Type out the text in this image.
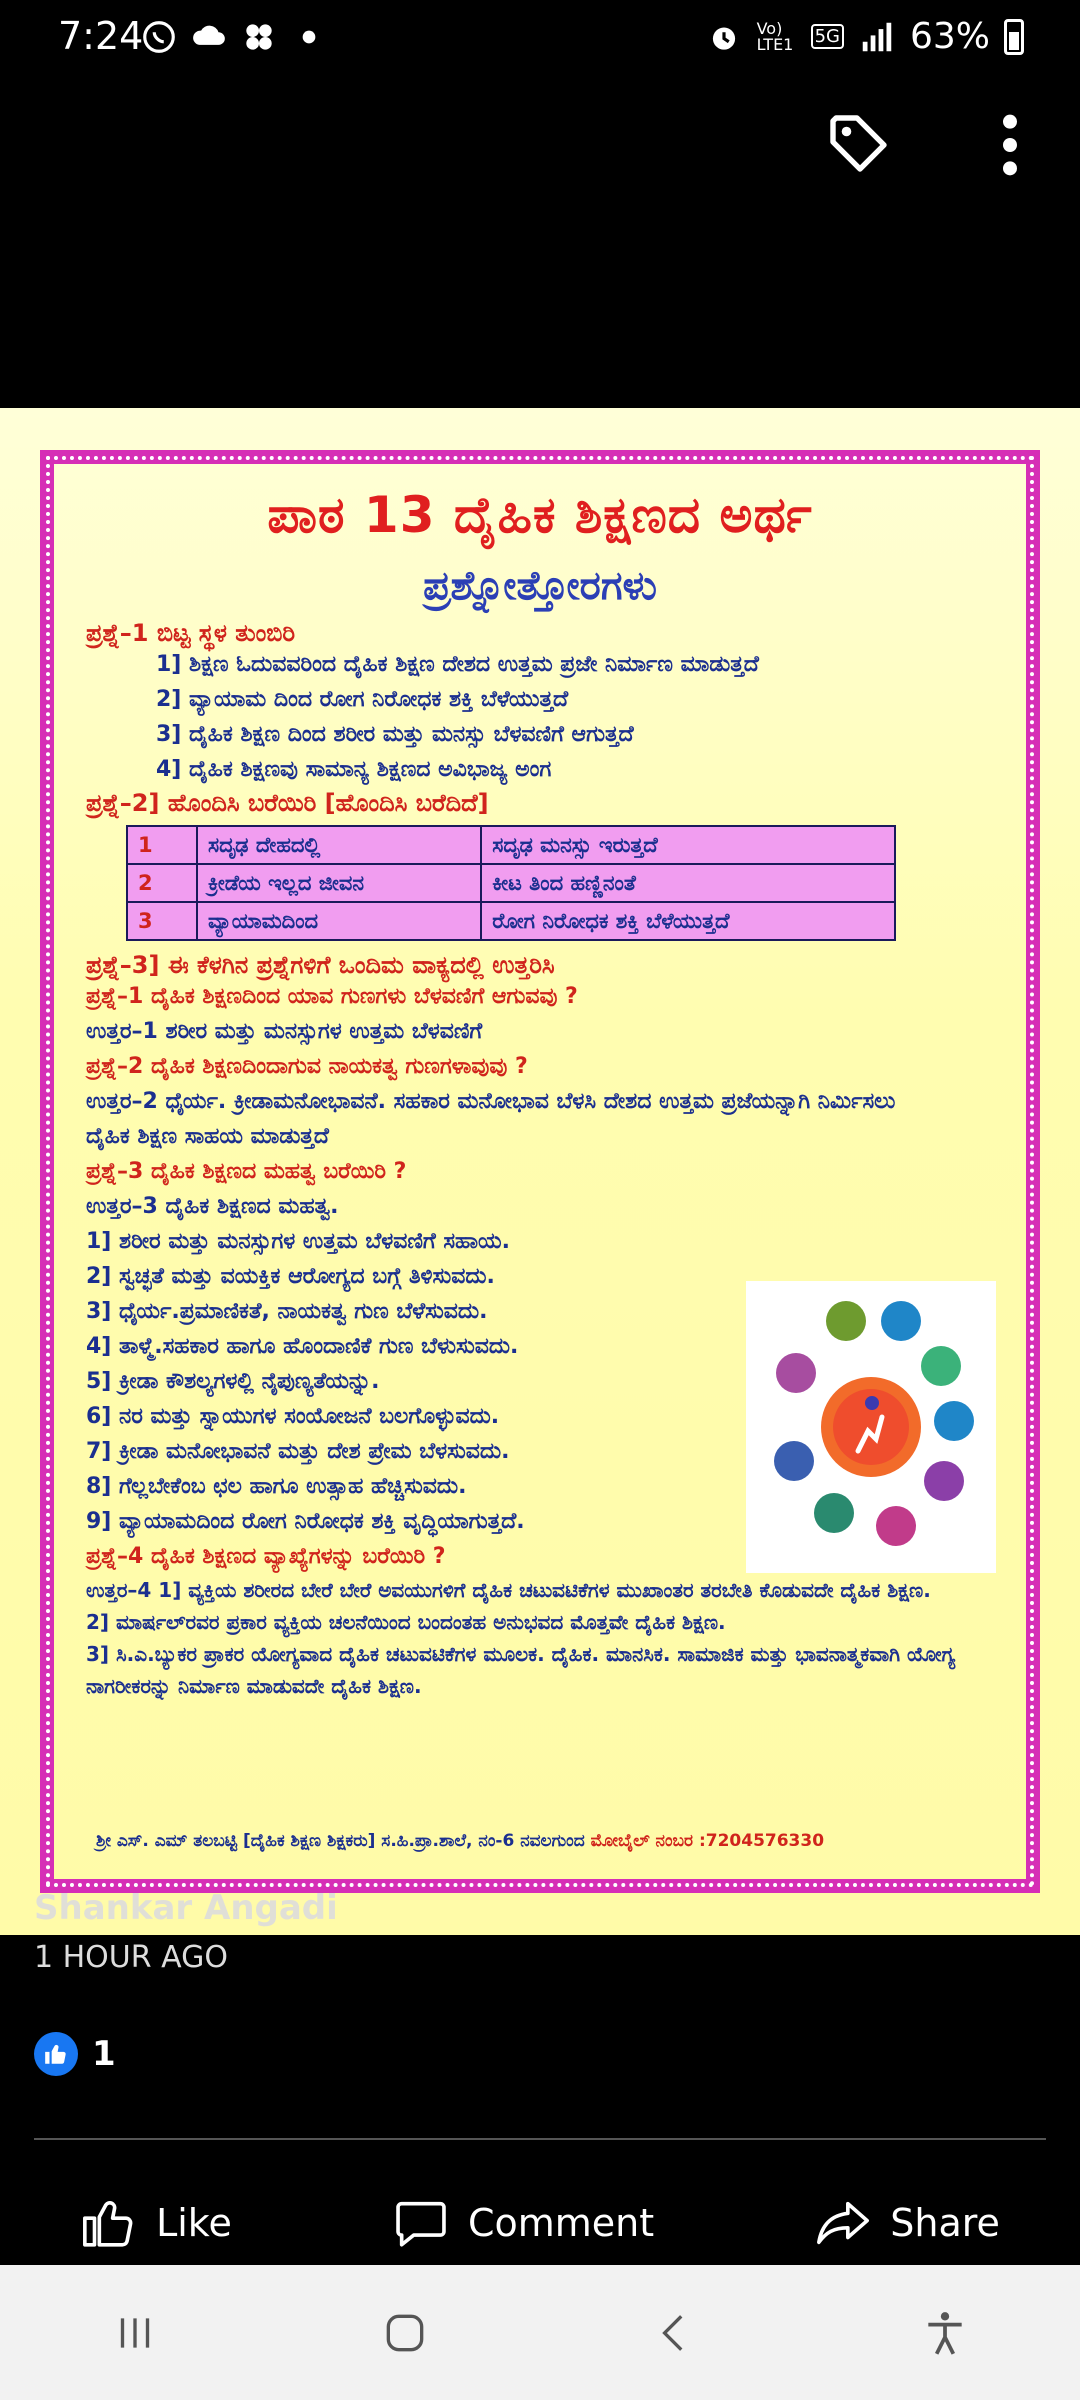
7:24	Vo) LTE1 5G 63%
ಪಾಠ 13 ದೈಹಿಕ ಶಿಕ್ಷಣದ ಅರ್ಥ
ಪ್ರಶ್ನೋತ್ತೋರಗಳು
ಪ್ರಶ್ನೆ–1 ಬಿಟ್ಟ ಸ್ಥಳ ತುಂಬಿರಿ
1] ಶಿಕ್ಷಣ ಓದುವವರಿಂದ ದೈಹಿಕ ಶಿಕ್ಷಣ ದೇಶದ ಉತ್ತಮ ಪ್ರಜೇ ನಿರ್ಮಾಣ ಮಾಡುತ್ತದೆ
2] ವ್ಯಾಯಾಮ ದಿಂದ ರೋಗ ನಿರೋಧಕ ಶಕ್ತಿ ಬೆಳೆಯುತ್ತದೆ
3] ದೈಹಿಕ ಶಿಕ್ಷಣ ದಿಂದ ಶರೀರ ಮತ್ತು ಮನಸ್ಸು ಬೆಳವಣಿಗೆ ಆಗುತ್ತದೆ
4] ದೈಹಿಕ ಶಿಕ್ಷಣವು ಸಾಮಾನ್ಯ ಶಿಕ್ಷಣದ ಅವಿಭಾಜ್ಯ ಅಂಗ
ಪ್ರಶ್ನೆ–2] ಹೊಂದಿಸಿ ಬರೆಯಿರಿ [ಹೊಂದಿಸಿ ಬರೆದಿದೆ]
1	ಸದೃಢ ದೇಹದಲ್ಲಿ	ಸದೃಢ ಮನಸ್ಸು ಇರುತ್ತದೆ
2	ಕ್ರೀಡೆಯ ಇಲ್ಲದ ಜೀವನ	ಕೀಟ ತಿಂದ ಹಣ್ಣಿನಂತೆ
3	ವ್ಯಾಯಾಮದಿಂದ	ರೋಗ ನಿರೋಧಕ ಶಕ್ತಿ ಬೆಳೆಯುತ್ತದೆ
ಪ್ರಶ್ನೆ–3] ಈ ಕೆಳಗಿನ ಪ್ರಶ್ನೆಗಳಿಗೆ ಒಂದಿಮ ವಾಕ್ಯದಲ್ಲಿ ಉತ್ತರಿಸಿ
ಪ್ರಶ್ನೆ–1 ದೈಹಿಕ ಶಿಕ್ಷಣದಿಂದ ಯಾವ ಗುಣಗಳು ಬೆಳವಣಿಗೆ ಆಗುವವು ?
ಉತ್ತರ–1 ಶರೀರ ಮತ್ತು ಮನಸ್ಸುಗಳ ಉತ್ತಮ ಬೆಳವಣಿಗೆ
ಪ್ರಶ್ನೆ–2 ದೈಹಿಕ ಶಿಕ್ಷಣದಿಂದಾಗುವ ನಾಯಕತ್ವ ಗುಣಗಳಾವುವು ?
ಉತ್ತರ–2 ಧೈರ್ಯ. ಕ್ರೀಡಾಮನೋಭಾವನೆ. ಸಹಕಾರ ಮನೋಭಾವ ಬೆಳಸಿ ದೇಶದ ಉತ್ತಮ ಪ್ರಜೆಯನ್ನಾಗಿ ನಿರ್ಮಿಸಲು ದೈಹಿಕ ಶಿಕ್ಷಣ ಸಾಹಯ ಮಾಡುತ್ತದೆ
ಪ್ರಶ್ನೆ–3 ದೈಹಿಕ ಶಿಕ್ಷಣದ ಮಹತ್ವ ಬರೆಯಿರಿ ?
ಉತ್ತರ–3 ದೈಹಿಕ ಶಿಕ್ಷಣದ ಮಹತ್ವ.
1] ಶರೀರ ಮತ್ತು ಮನಸ್ಸುಗಳ ಉತ್ತಮ ಬೆಳವಣಿಗೆ ಸಹಾಯ.
2] ಸ್ವಚ್ಛತೆ ಮತ್ತು ವಯಕ್ತಿಕ ಆರೋಗ್ಯದ ಬಗ್ಗೆ ತಿಳಿಸುವದು.
3] ಧೈರ್ಯ.ಪ್ರಮಾಣಿಕತೆ, ನಾಯಕತ್ವ ಗುಣ ಬೆಳೆಸುವದು.
4] ತಾಳ್ಮೆ.ಸಹಕಾರ ಹಾಗೂ ಹೊಂದಾಣಿಕೆ ಗುಣ ಬೆಳುಸುವದು.
5] ಕ್ರೀಡಾ ಕೌಶಲ್ಯಗಳಲ್ಲಿ ನೈಪುಣ್ಯತೆಯನ್ನು.
6] ನರ ಮತ್ತು ಸ್ನಾಯುಗಳ ಸಂಯೋಜನೆ ಬಲಗೊಳ್ಳುವದು.
7] ಕ್ರೀಡಾ ಮನೋಭಾವನೆ ಮತ್ತು ದೇಶ ಪ್ರೇಮ ಬೆಳಸುವದು.
8] ಗೆಲ್ಲಬೇಕೆಂಬ ಛಲ ಹಾಗೂ ಉತ್ಸಾಹ ಹೆಚ್ಚಿಸುವದು.
9] ವ್ಯಾಯಾಮದಿಂದ ರೋಗ ನಿರೋಧಕ ಶಕ್ತಿ ವೃದ್ಧಿಯಾಗುತ್ತದೆ.
ಪ್ರಶ್ನೆ–4 ದೈಹಿಕ ಶಿಕ್ಷಣದ ವ್ಯಾಖ್ಯೆಗಳನ್ನು ಬರೆಯಿರಿ ?
ಉತ್ತರ–4 1] ವ್ಯಕ್ತಿಯ ಶರೀರದ ಬೇರೆ ಬೇರೆ ಅವಯುಗಳಿಗೆ ದೈಹಿಕ ಚಟುವಟಿಕೆಗಳ ಮುಖಾಂತರ ತರಬೇತಿ ಕೊಡುವದೇ ದೈಹಿಕ ಶಿಕ್ಷಣ.
2] ಮಾರ್ಷಲ್‌ರವರ ಪ್ರಕಾರ ವ್ಯಕ್ತಿಯ ಚಲನೆಯಿಂದ ಬಂದಂತಹ ಅನುಭವದ ಮೊತ್ತವೇ ದೈಹಿಕ ಶಿಕ್ಷಣ.
3] ಸಿ.ಎ.ಬ್ಯುಕರ ಪ್ರಾಕರ ಯೋಗ್ಯವಾದ ದೈಹಿಕ ಚಟುವಟಿಕೆಗಳ ಮೂಲಕ. ದೈಹಿಕ. ಮಾನಸಿಕ. ಸಾಮಾಜಿಕ ಮತ್ತು ಭಾವನಾತ್ಮಕವಾಗಿ ಯೋಗ್ಯ ನಾಗರೀಕರನ್ನು ನಿರ್ಮಾಣ ಮಾಡುವದೇ ದೈಹಿಕ ಶಿಕ್ಷಣ.
ಶ್ರೀ ಎಸ್. ಎಮ್ ತಲಬಟ್ಟಿ [ದೈಹಿಕ ಶಿಕ್ಷಣ ಶಿಕ್ಷಕರು] ಸ.ಹಿ.ಪ್ರಾ.ಶಾಲೆ, ನಂ-6 ನವಲಗುಂದ ಮೋಬೈಲ್ ನಂಬರ :7204576330
Shankar Angadi
1 HOUR AGO
1
Like	Comment	Share
